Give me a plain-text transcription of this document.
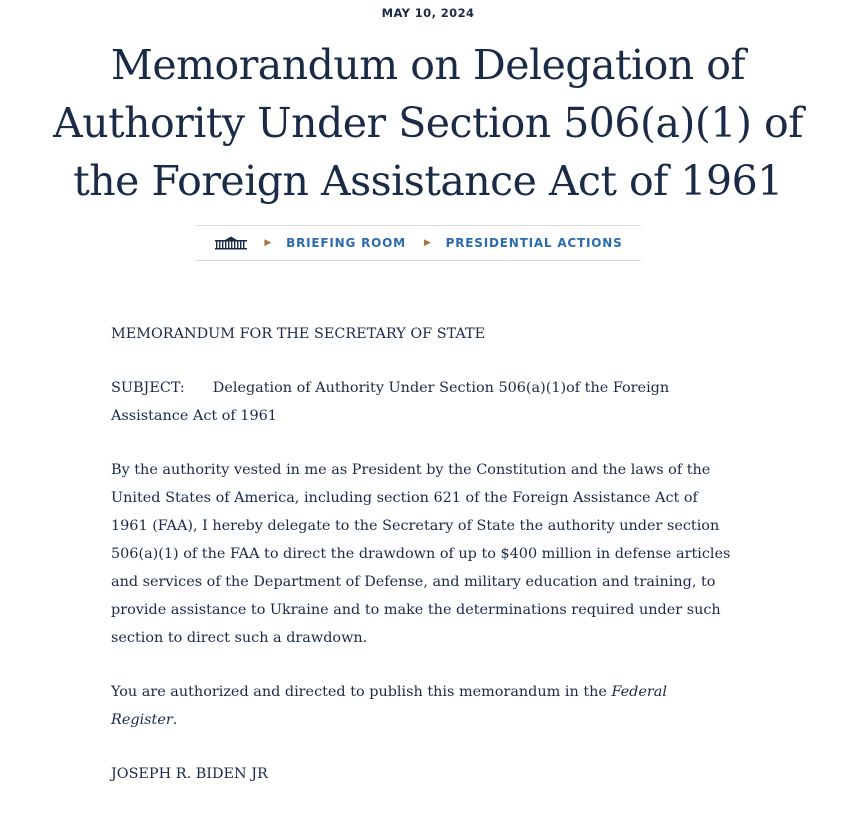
MAY 10, 2024
Memorandum on Delegation of Authority Under Section 506(a)(1) of the Foreign Assistance Act of 1961
▶ BRIEFING ROOM ▶ PRESIDENTIAL ACTIONS

MEMORANDUM FOR THE SECRETARY OF STATE

SUBJECT: Delegation of Authority Under Section 506(a)(1)of the Foreign Assistance Act of 1961

By the authority vested in me as President by the Constitution and the laws of the United States of America, including section 621 of the Foreign Assistance Act of 1961 (FAA), I hereby delegate to the Secretary of State the authority under section 506(a)(1) of the FAA to direct the drawdown of up to $400 million in defense articles and services of the Department of Defense, and military education and training, to provide assistance to Ukraine and to make the determinations required under such section to direct such a drawdown.

You are authorized and directed to publish this memorandum in the Federal Register.

JOSEPH R. BIDEN JR
